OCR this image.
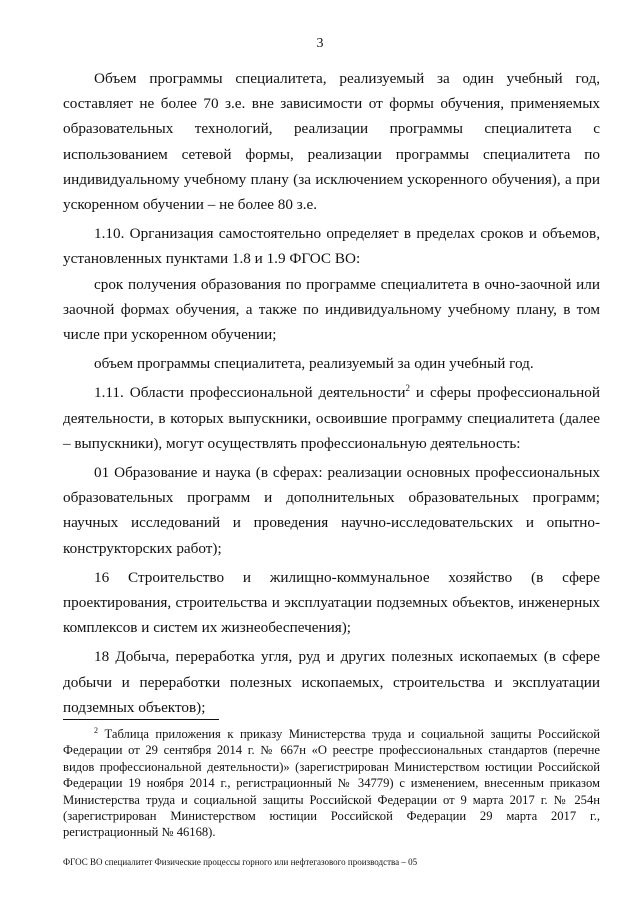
3

Объем программы специалитета, реализуемый за один учебный год, составляет не более 70 з.е. вне зависимости от формы обучения, применяемых образовательных технологий, реализации программы специалитета с использованием сетевой формы, реализации программы специалитета по индивидуальному учебному плану (за исключением ускоренного обучения), а при ускоренном обучении – не более 80 з.е.

1.10. Организация самостоятельно определяет в пределах сроков и объемов, установленных пунктами 1.8 и 1.9 ФГОС ВО:

срок получения образования по программе специалитета в очно-заочной или заочной формах обучения, а также по индивидуальному учебному плану, в том числе при ускоренном обучении;

объем программы специалитета, реализуемый за один учебный год.

1.11. Области профессиональной деятельности$^2$ и сферы профессиональной деятельности, в которых выпускники, освоившие программу специалитета (далее – выпускники), могут осуществлять профессиональную деятельность:

01 Образование и наука (в сферах: реализации основных профессиональных образовательных программ и дополнительных образовательных программ; научных исследований и проведения научно-исследовательских и опытно-конструкторских работ);

16 Строительство и жилищно-коммунальное хозяйство (в сфере проектирования, строительства и эксплуатации подземных объектов, инженерных комплексов и систем их жизнеобеспечения);

18 Добыча, переработка угля, руд и других полезных ископаемых (в сфере добычи и переработки полезных ископаемых, строительства и эксплуатации подземных объектов);

$^2$ Таблица приложения к приказу Министерства труда и социальной защиты Российской Федерации от 29 сентября 2014 г. № 667н «О реестре профессиональных стандартов (перечне видов профессиональной деятельности)» (зарегистрирован Министерством юстиции Российской Федерации 19 ноября 2014 г., регистрационный № 34779) с изменением, внесенным приказом Министерства труда и социальной защиты Российской Федерации от 9 марта 2017 г. № 254н (зарегистрирован Министерством юстиции Российской Федерации 29 марта 2017 г., регистрационный № 46168).
ФГОС ВО специалитет Физические процессы горного или нефтегазового производства – 05
